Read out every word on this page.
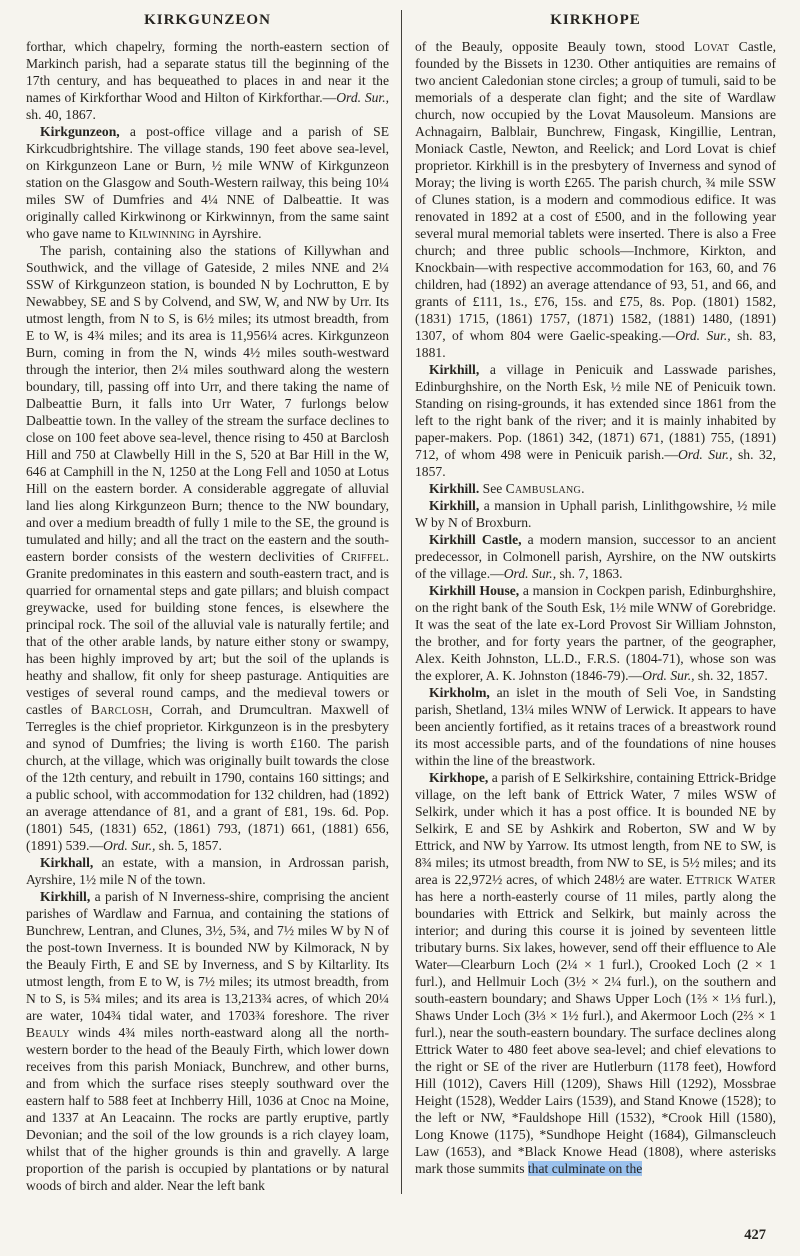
KIRKGUNZEON

forthar, which chapelry, forming the north-eastern section of Markinch parish, had a separate status till the beginning of the 17th century, and has bequeathed to places in and near it the names of Kirkforthar Wood and Hilton of Kirkforthar.—Ord. Sur., sh. 40, 1867.

Kirkgunzeon, a post-office village and a parish of SE Kirkcudbrightshire. The village stands, 190 feet above sea-level, on Kirkgunzeon Lane or Burn, ½ mile WNW of Kirkgunzeon station on the Glasgow and South-Western railway, this being 10¼ miles SW of Dumfries and 4¼ NNE of Dalbeattie. It was originally called Kirkwinong or Kirkwinnyn, from the same saint who gave name to Kilwinning in Ayrshire.

The parish, containing also the stations of Killywhan and Southwick, and the village of Gateside, 2 miles NNE and 2¼ SSW of Kirkgunzeon station, is bounded N by Lochrutton, E by Newabbey, SE and S by Colvend, and SW, W, and NW by Urr. Its utmost length, from N to S, is 6½ miles; its utmost breadth, from E to W, is 4¾ miles; and its area is 11,956¼ acres. Kirkgunzeon Burn, coming in from the N, winds 4½ miles south-westward through the interior, then 2¼ miles southward along the western boundary, till, passing off into Urr, and there taking the name of Dalbeattie Burn, it falls into Urr Water, 7 furlongs below Dalbeattie town. In the valley of the stream the surface declines to close on 100 feet above sea-level, thence rising to 450 at Barclosh Hill and 750 at Clawbelly Hill in the S, 520 at Bar Hill in the W, 646 at Camphill in the N, 1250 at the Long Fell and 1050 at Lotus Hill on the eastern border. A considerable aggregate of alluvial land lies along Kirkgunzeon Burn; thence to the NW boundary, and over a medium breadth of fully 1 mile to the SE, the ground is tumulated and hilly; and all the tract on the eastern and the south-eastern border consists of the western declivities of Criffel. Granite predominates in this eastern and south-eastern tract, and is quarried for ornamental steps and gate pillars; and bluish compact greywacke, used for building stone fences, is elsewhere the principal rock. The soil of the alluvial vale is naturally fertile; and that of the other arable lands, by nature either stony or swampy, has been highly improved by art; but the soil of the uplands is heathy and shallow, fit only for sheep pasturage. Antiquities are vestiges of several round camps, and the medieval towers or castles of Barclosh, Corrah, and Drumcultran. Maxwell of Terregles is the chief proprietor. Kirkgunzeon is in the presbytery and synod of Dumfries; the living is worth £160. The parish church, at the village, which was originally built towards the close of the 12th century, and rebuilt in 1790, contains 160 sittings; and a public school, with accommodation for 132 children, had (1892) an average attendance of 81, and a grant of £81, 19s. 6d. Pop. (1801) 545, (1831) 652, (1861) 793, (1871) 661, (1881) 656, (1891) 539.—Ord. Sur., sh. 5, 1857.

Kirkhall, an estate, with a mansion, in Ardrossan parish, Ayrshire, 1½ mile N of the town.

Kirkhill, a parish of N Inverness-shire, comprising the ancient parishes of Wardlaw and Farnua, and containing the stations of Bunchrew, Lentran, and Clunes, 3½, 5¾, and 7½ miles W by N of the post-town Inverness. It is bounded NW by Kilmorack, N by the Beauly Firth, E and SE by Inverness, and S by Kiltarlity. Its utmost length, from E to W, is 7½ miles; its utmost breadth, from N to S, is 5¾ miles; and its area is 13,213¾ acres, of which 20¼ are water, 104¾ tidal water, and 1703¾ foreshore. The river Beauly winds 4¾ miles north-eastward along all the north-western border to the head of the Beauly Firth, which lower down receives from this parish Moniack, Bunchrew, and other burns, and from which the surface rises steeply southward over the eastern half to 588 feet at Inchberry Hill, 1036 at Cnoc na Moine, and 1337 at An Leacainn. The rocks are partly eruptive, partly Devonian; and the soil of the low grounds is a rich clayey loam, whilst that of the higher grounds is thin and gravelly. A large proportion of the parish is occupied by plantations or by natural woods of birch and alder. Near the left bank

KIRKHOPE

of the Beauly, opposite Beauly town, stood Lovat Castle, founded by the Bissets in 1230. Other antiquities are remains of two ancient Caledonian stone circles; a group of tumuli, said to be memorials of a desperate clan fight; and the site of Wardlaw church, now occupied by the Lovat Mausoleum. Mansions are Achnagairn, Balblair, Bunchrew, Fingask, Kingillie, Lentran, Moniack Castle, Newton, and Reelick; and Lord Lovat is chief proprietor. Kirkhill is in the presbytery of Inverness and synod of Moray; the living is worth £265. The parish church, ¾ mile SSW of Clunes station, is a modern and commodious edifice. It was renovated in 1892 at a cost of £500, and in the following year several mural memorial tablets were inserted. There is also a Free church; and three public schools—Inchmore, Kirkton, and Knockbain—with respective accommodation for 163, 60, and 76 children, had (1892) an average attendance of 93, 51, and 66, and grants of £111, 1s., £76, 15s. and £75, 8s. Pop. (1801) 1582, (1831) 1715, (1861) 1757, (1871) 1582, (1881) 1480, (1891) 1307, of whom 804 were Gaelic-speaking.—Ord. Sur., sh. 83, 1881.

Kirkhill, a village in Penicuik and Lasswade parishes, Edinburghshire, on the North Esk, ½ mile NE of Penicuik town. Standing on rising-grounds, it has extended since 1861 from the left to the right bank of the river; and it is mainly inhabited by paper-makers. Pop. (1861) 342, (1871) 671, (1881) 755, (1891) 712, of whom 498 were in Penicuik parish.—Ord. Sur., sh. 32, 1857.

Kirkhill. See Cambuslang.

Kirkhill, a mansion in Uphall parish, Linlithgowshire, ½ mile W by N of Broxburn.

Kirkhill Castle, a modern mansion, successor to an ancient predecessor, in Colmonell parish, Ayrshire, on the NW outskirts of the village.—Ord. Sur., sh. 7, 1863.

Kirkhill House, a mansion in Cockpen parish, Edinburghshire, on the right bank of the South Esk, 1½ mile WNW of Gorebridge. It was the seat of the late ex-Lord Provost Sir William Johnston, the brother, and for forty years the partner, of the geographer, Alex. Keith Johnston, LL.D., F.R.S. (1804-71), whose son was the explorer, A. K. Johnston (1846-79).—Ord. Sur., sh. 32, 1857.

Kirkholm, an islet in the mouth of Seli Voe, in Sandsting parish, Shetland, 13¼ miles WNW of Lerwick. It appears to have been anciently fortified, as it retains traces of a breastwork round its most accessible parts, and of the foundations of nine houses within the line of the breastwork.

Kirkhope, a parish of E Selkirkshire, containing Ettrick-Bridge village, on the left bank of Ettrick Water, 7 miles WSW of Selkirk, under which it has a post office. It is bounded NE by Selkirk, E and SE by Ashkirk and Roberton, SW and W by Ettrick, and NW by Yarrow. Its utmost length, from NE to SW, is 8¾ miles; its utmost breadth, from NW to SE, is 5½ miles; and its area is 22,972½ acres, of which 248½ are water. Ettrick Water has here a north-easterly course of 11 miles, partly along the boundaries with Ettrick and Selkirk, but mainly across the interior; and during this course it is joined by seventeen little tributary burns. Six lakes, however, send off their effluence to Ale Water—Clearburn Loch (2¼ × 1 furl.), Crooked Loch (2 × 1 furl.), and Hellmuir Loch (3½ × 2¼ furl.), on the southern and south-eastern boundary; and Shaws Upper Loch (1⅔ × 1⅓ furl.), Shaws Under Loch (3⅓ × 1½ furl.), and Akermoor Loch (2⅔ × 1 furl.), near the south-eastern boundary. The surface declines along Ettrick Water to 480 feet above sea-level; and chief elevations to the right or SE of the river are Hutlerburn (1178 feet), Howford Hill (1012), Cavers Hill (1209), Shaws Hill (1292), Mossbrae Height (1528), Wedder Lairs (1539), and Stand Knowe (1528); to the left or NW, *Fauldshope Hill (1532), *Crook Hill (1580), Long Knowe (1175), *Sundhope Height (1684), Gilmanscleuch Law (1653), and *Black Knowe Head (1808), where asterisks mark those summits that culminate on the

427
